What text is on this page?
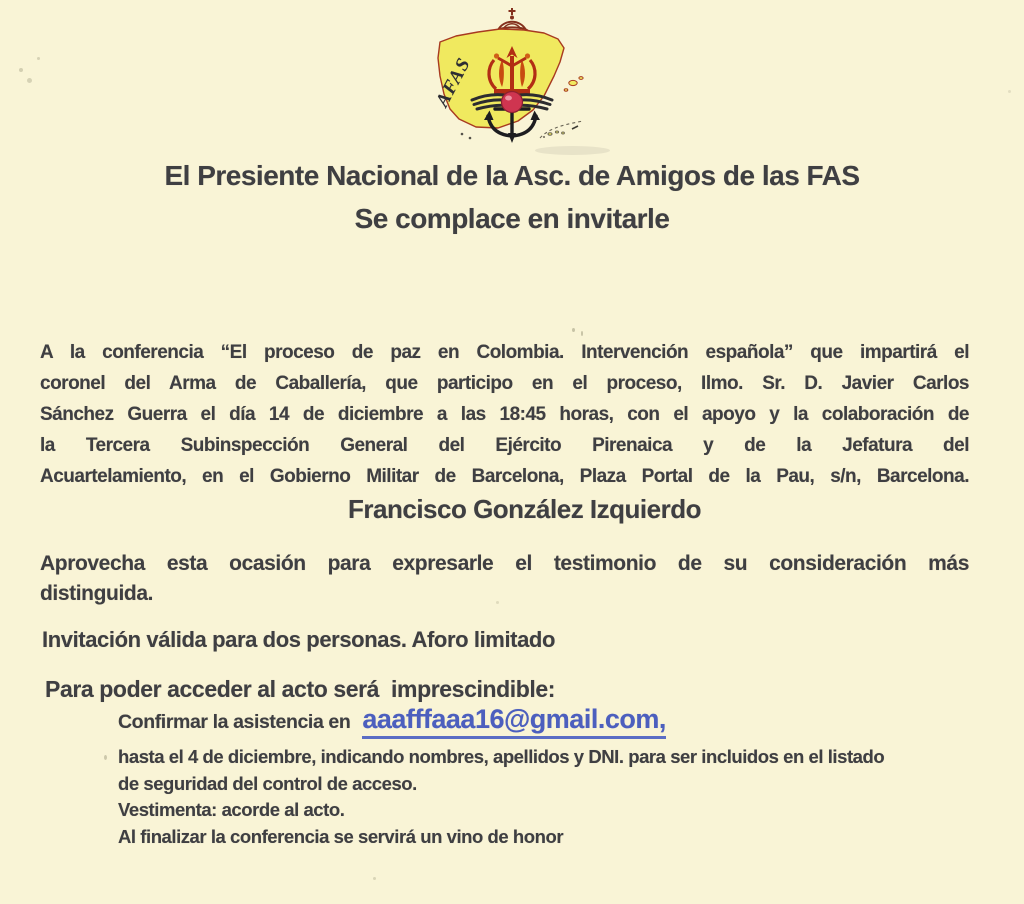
AFAS
El Presiente Nacional de la Asc. de Amigos de las FAS
Se complace en invitarle
A la conferencia “El proceso de paz en Colombia. Intervención española” que impartirá el
coronel del Arma de Caballería, que participo en el proceso, Ilmo. Sr. D. Javier Carlos
Sánchez Guerra el día 14 de diciembre a las 18:45 horas, con el apoyo y la colaboración de
la Tercera Subinspección General del Ejército Pirenaica y de la Jefatura del
Acuartelamiento, en el Gobierno Militar de Barcelona, Plaza Portal de la Pau, s/n, Barcelona.
Francisco González Izquierdo
Aprovecha esta ocasión para expresarle el testimonio de su consideración más
distinguida.
Invitación válida para dos personas. Aforo limitado
Para poder acceder al acto será  imprescindible:
Confirmar la asistencia en aaafffaaa16@gmail.com,
hasta el 4 de diciembre, indicando nombres, apellidos y DNI. para ser incluidos en el listado
de seguridad del control de acceso.
Vestimenta: acorde al acto.
Al finalizar la conferencia se servirá un vino de honor
